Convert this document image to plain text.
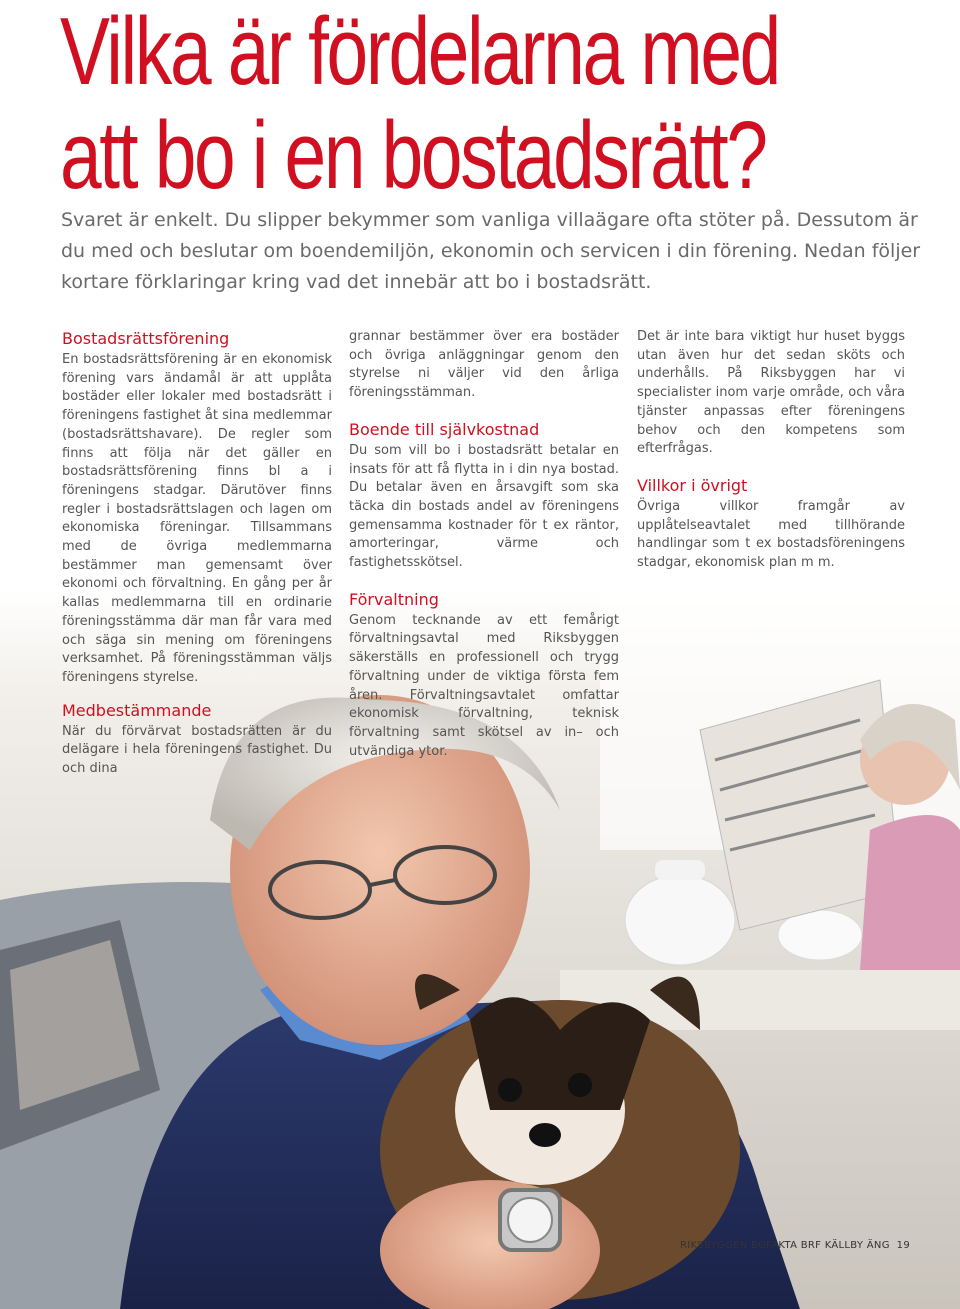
Vilka är fördelarna med
att bo i en bostadsrätt?
Svaret är enkelt. Du slipper bekymmer som vanliga villaägare ofta stöter på. Dessutom är du med och beslutar om boendemiljön, ekonomin och servicen i din förening. Nedan följer kortare förklaringar kring vad det innebär att bo i bostadsrätt.
Bostadsrättsförening

En bostadsrättsförening är en ekonomisk förening vars ändamål är att upplåta bostäder eller lokaler med bostadsrätt i föreningens fastighet åt sina medlemmar (bostadsrättshavare). De regler som finns att följa när det gäller en bostadsrättsförening finns bl a i föreningens stadgar. Därutöver finns regler i bostadsrättslagen och lagen om ekonomiska föreningar. Tillsammans med de övriga medlemmarna bestämmer man gemensamt över ekonomi och förvaltning. En gång per år kallas medlemmarna till en ordinarie föreningsstämma där man får vara med och säga sin mening om föreningens verksamhet. På föreningsstämman väljs föreningens styrelse.

Medbestämmande

När du förvärvat bostadsrätten är du delägare i hela föreningens fastighet. Du och dina

grannar bestämmer över era bostäder och övriga anläggningar genom den styrelse ni väljer vid den årliga föreningsstämman.

Boende till självkostnad

Du som vill bo i bostadsrätt betalar en insats för att få flytta in i din nya bostad. Du betalar även en årsavgift som ska täcka din bostads andel av föreningens gemensamma kostnader för t ex räntor, amorteringar, värme och fastighetsskötsel.

Förvaltning

Genom tecknande av ett femårigt förvaltningsavtal med Riksbyggen säkerställs en professionell och trygg förvaltning under de viktiga första fem åren. Förvaltningsavtalet omfattar ekonomisk förvaltning, teknisk förvaltning samt skötsel av in– och utvändiga ytor.

Det är inte bara viktigt hur huset byggs utan även hur det sedan sköts och underhålls. På Riksbyggen har vi specialister inom varje område, och våra tjänster anpassas efter föreningens behov och den kompetens som efterfrågas.

Villkor i övrigt

Övriga villkor framgår av upplåtelseavtalet med tillhörande handlingar som t ex bostadsföreningens stadgar, ekonomisk plan m m.

RIKSBYGGEN BOFAKTA BRF KÄLLBY ÄNG 19
